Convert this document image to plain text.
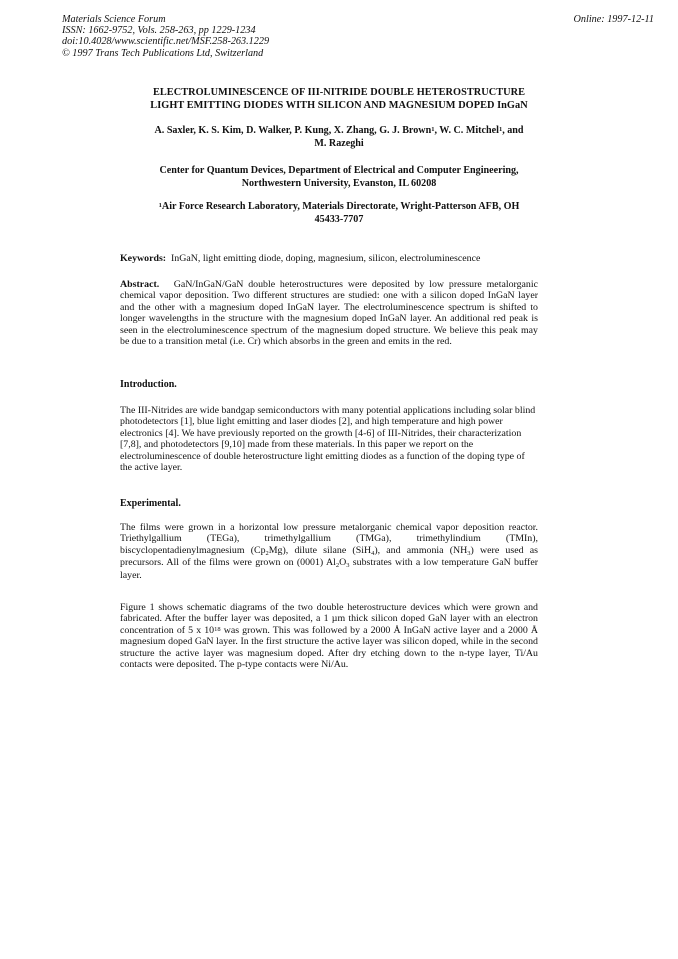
Materials Science Forum
ISSN: 1662-9752, Vols. 258-263, pp 1229-1234
doi:10.4028/www.scientific.net/MSF.258-263.1229
© 1997 Trans Tech Publications Ltd, Switzerland
Online: 1997-12-11
ELECTROLUMINESCENCE OF III-NITRIDE DOUBLE HETEROSTRUCTURE
LIGHT EMITTING DIODES WITH SILICON AND MAGNESIUM DOPED InGaN
A. Saxler, K. S. Kim, D. Walker, P. Kung, X. Zhang, G. J. Brown$^1$, W. C. Mitchel$^1$, and
M. Razeghi
Center for Quantum Devices, Department of Electrical and Computer Engineering,
Northwestern University, Evanston, IL 60208
$^1$Air Force Research Laboratory, Materials Directorate, Wright-Patterson AFB, OH
45433-7707
Keywords: InGaN, light emitting diode, doping, magnesium, silicon, electroluminescence
Abstract. GaN/InGaN/GaN double heterostructures were deposited by low pressure metalorganic chemical vapor deposition. Two different structures are studied: one with a silicon doped InGaN layer and the other with a magnesium doped InGaN layer. The electroluminescence spectrum is shifted to longer wavelengths in the structure with the magnesium doped InGaN layer. An additional red peak is seen in the electroluminescence spectrum of the magnesium doped structure. We believe this peak may be due to a transition metal (i.e. Cr) which absorbs in the green and emits in the red.
Introduction.
The III-Nitrides are wide bandgap semiconductors with many potential applications including solar blind photodetectors [1], blue light emitting and laser diodes [2], and high temperature and high power electronics [4]. We have previously reported on the growth [4-6] of III-Nitrides, their characterization [7,8], and photodetectors [9,10] made from these materials. In this paper we report on the electroluminescence of double heterostructure light emitting diodes as a function of the doping type of the active layer.
Experimental.
The films were grown in a horizontal low pressure metalorganic chemical vapor deposition reactor. Triethylgallium (TEGa), trimethylgallium (TMGa), trimethylindium (TMIn), biscyclopentadienylmagnesium $(Cp_2Mg)$, dilute silane (SiH$_4$), and ammonia $(NH_3)$ were used as precursors. All of the films were grown on (0001) $Al_2O_3$ substrates with a low temperature GaN buffer layer.
Figure 1 shows schematic diagrams of the two double heterostructure devices which were grown and fabricated. After the buffer layer was deposited, a 1 µm thick silicon doped GaN layer with an electron concentration of 5 x $10^{18}$ was grown. This was followed by a 2000 Å InGaN active layer and a 2000 Å magnesium doped GaN layer. In the first structure the active layer was silicon doped, while in the second structure the active layer was magnesium doped. After dry etching down to the n-type layer, Ti/Au contacts were deposited. The p-type contacts were Ni/Au.
